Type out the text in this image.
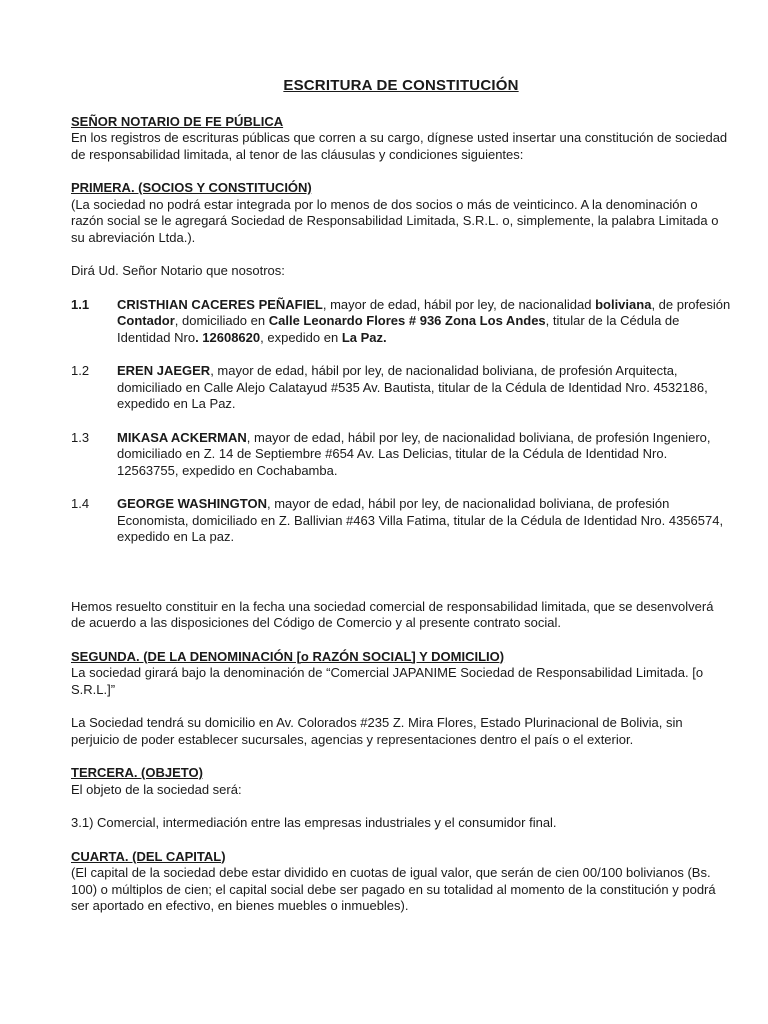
ESCRITURA DE CONSTITUCIÓN
SEÑOR NOTARIO DE FE PÚBLICA

En los registros de escrituras públicas que corren a su cargo, dígnese usted insertar una constitución de sociedad de responsabilidad limitada, al tenor de las cláusulas y condiciones siguientes:

PRIMERA. (SOCIOS Y CONSTITUCIÓN)

(La sociedad no podrá estar integrada por lo menos de dos socios o más de veinticinco. A la denominación o razón social se le agregará Sociedad de Responsabilidad Limitada, S.R.L. o, simplemente, la palabra Limitada o su abreviación Ltda.).

Dirá Ud. Señor Notario que nosotros:

1.1	CRISTHIAN CACERES PEÑAFIEL, mayor de edad, hábil por ley, de nacionalidad boliviana, de profesión Contador, domiciliado en Calle Leonardo Flores # 936 Zona Los Andes, titular de la Cédula de Identidad Nro. 12608620, expedido en La Paz.
1.2	EREN JAEGER, mayor de edad, hábil por ley, de nacionalidad boliviana, de profesión Arquitecta, domiciliado en Calle Alejo Calatayud #535 Av. Bautista, titular de la Cédula de Identidad Nro. 4532186, expedido en La Paz.
1.3	MIKASA ACKERMAN, mayor de edad, hábil por ley, de nacionalidad boliviana, de profesión Ingeniero, domiciliado en Z. 14 de Septiembre #654 Av. Las Delicias, titular de la Cédula de Identidad Nro. 12563755, expedido en Cochabamba.
1.4	GEORGE WASHINGTON, mayor de edad, hábil por ley, de nacionalidad boliviana, de profesión Economista, domiciliado en Z. Ballivian #463 Villa Fatima, titular de la Cédula de Identidad Nro. 4356574, expedido en La paz.

Hemos resuelto constituir en la fecha una sociedad comercial de responsabilidad limitada, que se desenvolverá de acuerdo a las disposiciones del Código de Comercio y al presente contrato social.

SEGUNDA. (DE LA DENOMINACIÓN [o RAZÓN SOCIAL] Y DOMICILIO)

La sociedad girará bajo la denominación de “Comercial JAPANIME Sociedad de Responsabilidad Limitada. [o S.R.L.]”

La Sociedad tendrá su domicilio en Av. Colorados #235 Z. Mira Flores, Estado Plurinacional de Bolivia, sin perjuicio de poder establecer sucursales, agencias y representaciones dentro el país o el exterior.

TERCERA. (OBJETO)

El objeto de la sociedad será:

3.1) Comercial, intermediación entre las empresas industriales y el consumidor final.

CUARTA. (DEL CAPITAL)

(El capital de la sociedad debe estar dividido en cuotas de igual valor, que serán de cien 00/100 bolivianos (Bs. 100) o múltiplos de cien; el capital social debe ser pagado en su totalidad al momento de la constitución y podrá ser aportado en efectivo, en bienes muebles o inmuebles).
